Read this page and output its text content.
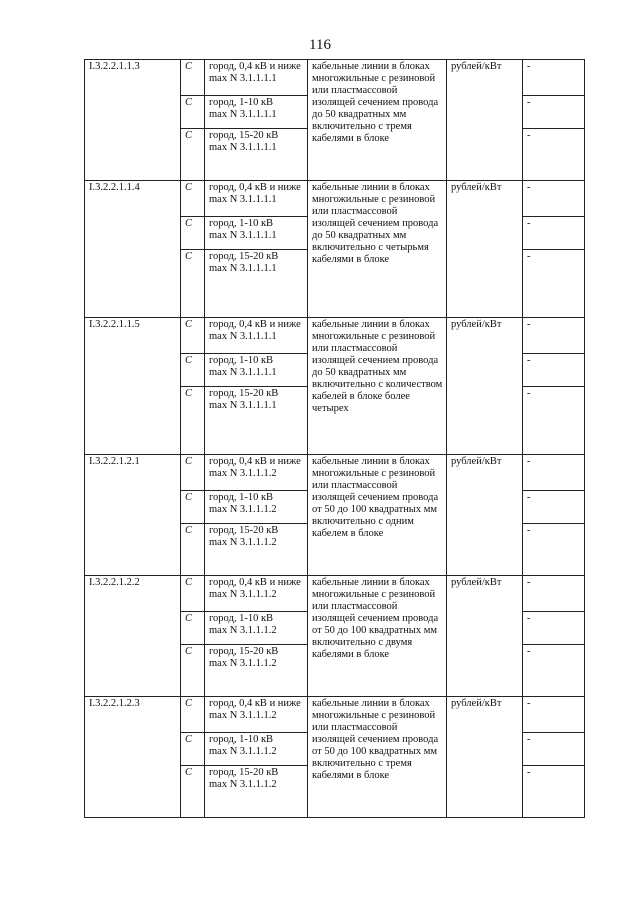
116
I.3.2.2.1.1.3	C	город, 0,4 кВ и ниже
max N 3.1.1.1.1	кабельные линии в блоках многожильные с резиновой или пластмассовой изолящей сечением провода до 50 квадратных мм включительно с тремя кабелями в блоке	рублей/кВт	-
	C	город, 1-10 кВ
max N 3.1.1.1.1			-
	C	город, 15-20 кВ
max N 3.1.1.1.1			-
I.3.2.2.1.1.4	C	город, 0,4 кВ и ниже
max N 3.1.1.1.1	кабельные линии в блоках многожильные с резиновой или пластмассовой изолящей сечением провода до 50 квадратных мм включительно с четырьмя кабелями в блоке	рублей/кВт	-
	C	город, 1-10 кВ
max N 3.1.1.1.1			-
	C	город, 15-20 кВ
max N 3.1.1.1.1			-
I.3.2.2.1.1.5	C	город, 0,4 кВ и ниже
max N 3.1.1.1.1	кабельные линии в блоках многожильные с резиновой или пластмассовой изолящей сечением провода до 50 квадратных мм включительно с количеством кабелей в блоке более четырех	рублей/кВт	-
	C	город, 1-10 кВ
max N 3.1.1.1.1			-
	C	город, 15-20 кВ
max N 3.1.1.1.1			-
I.3.2.2.1.2.1	C	город, 0,4 кВ и ниже
max N 3.1.1.1.2	кабельные линии в блоках многожильные с резиновой или пластмассовой изолящей сечением провода от 50 до 100 квадратных мм включительно с одним кабелем в блоке	рублей/кВт	-
	C	город, 1-10 кВ
max N 3.1.1.1.2			-
	C	город, 15-20 кВ
max N 3.1.1.1.2			-
I.3.2.2.1.2.2	C	город, 0,4 кВ и ниже
max N 3.1.1.1.2	кабельные линии в блоках многожильные с резиновой или пластмассовой изолящей сечением провода от 50 до 100 квадратных мм включительно с двумя кабелями в блоке	рублей/кВт	-
	C	город, 1-10 кВ
max N 3.1.1.1.2			-
	C	город, 15-20 кВ
max N 3.1.1.1.2			-
I.3.2.2.1.2.3	C	город, 0,4 кВ и ниже
max N 3.1.1.1.2	кабельные линии в блоках многожильные с резиновой или пластмассовой изолящей сечением провода от 50 до 100 квадратных мм включительно с тремя кабелями в блоке	рублей/кВт	-
	C	город, 1-10 кВ
max N 3.1.1.1.2			-
	C	город, 15-20 кВ
max N 3.1.1.1.2			-
